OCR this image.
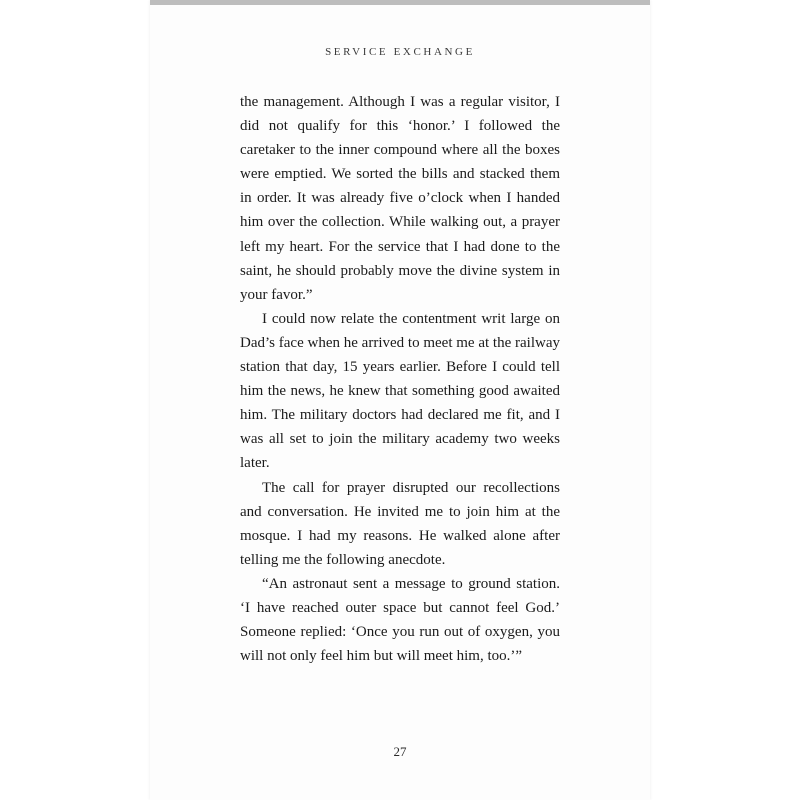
SERVICE EXCHANGE

the management. Although I was a regular visitor, I did not qualify for this ‘honor.’ I followed the caretaker to the inner compound where all the boxes were emptied. We sorted the bills and stacked them in order. It was already five o’clock when I handed him over the collection. While walking out, a prayer left my heart. For the service that I had done to the saint, he should probably move the divine system in your favor.”

I could now relate the contentment writ large on Dad’s face when he arrived to meet me at the railway station that day, 15 years earlier. Before I could tell him the news, he knew that something good awaited him. The military doctors had declared me fit, and I was all set to join the military academy two weeks later.

The call for prayer disrupted our recollections and conversation. He invited me to join him at the mosque. I had my reasons. He walked alone after telling me the following anecdote.

“An astronaut sent a message to ground station. ‘I have reached outer space but cannot feel God.’ Someone replied: ‘Once you run out of oxygen, you will not only feel him but will meet him, too.’”

27
